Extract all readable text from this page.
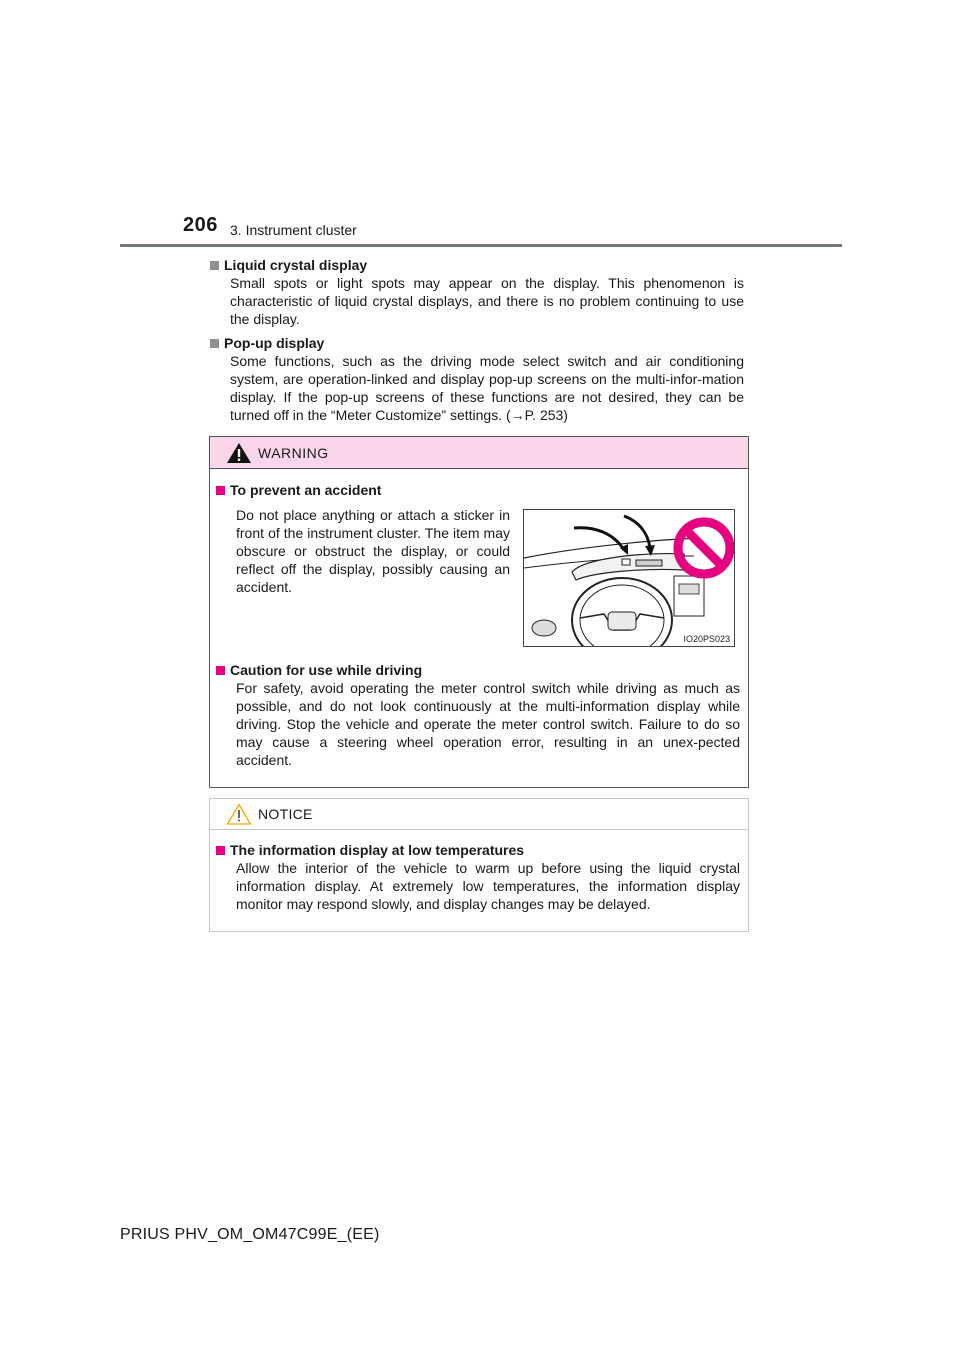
206 3. Instrument cluster
Liquid crystal display
Small spots or light spots may appear on the display. This phenomenon is characteristic of liquid crystal displays, and there is no problem continuing to use the display.
Pop-up display
Some functions, such as the driving mode select switch and air conditioning system, are operation-linked and display pop-up screens on the multi-infor-mation display. If the pop-up screens of these functions are not desired, they can be turned off in the “Meter Customize” settings. (→P. 253)
WARNING
To prevent an accident
Do not place anything or attach a sticker in front of the instrument cluster. The item may obscure or obstruct the display, or could reflect off the display, possibly causing an accident.
IO20PS023
Caution for use while driving
For safety, avoid operating the meter control switch while driving as much as possible, and do not look continuously at the multi-information display while driving. Stop the vehicle and operate the meter control switch. Failure to do so may cause a steering wheel operation error, resulting in an unex-pected accident.
NOTICE
The information display at low temperatures
Allow the interior of the vehicle to warm up before using the liquid crystal information display. At extremely low temperatures, the information display monitor may respond slowly, and display changes may be delayed.
PRIUS PHV_OM_OM47C99E_(EE)
